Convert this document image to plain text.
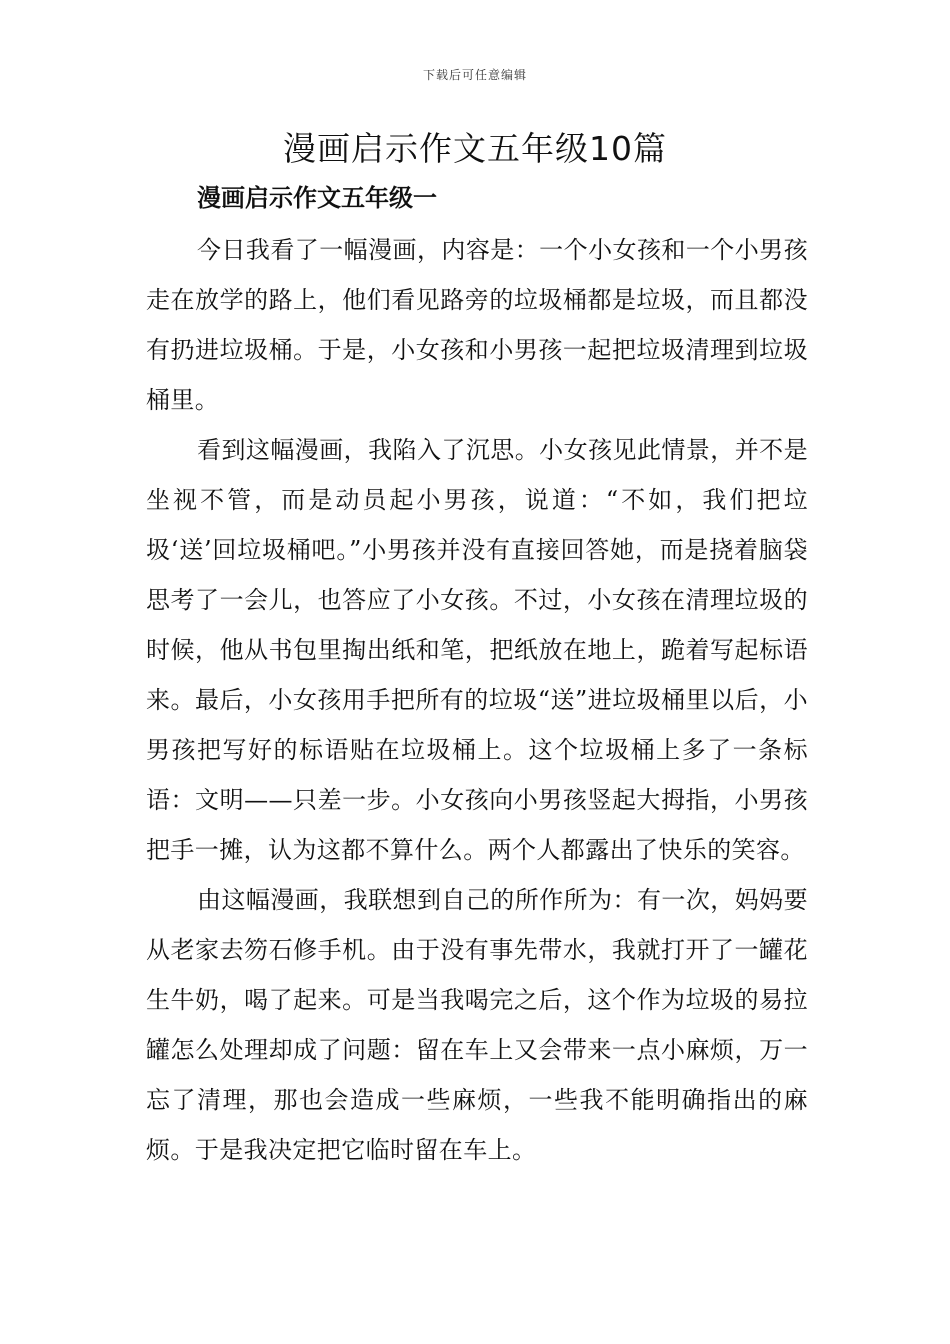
下载后可任意编辑
漫画启示作文五年级10篇
漫画启示作文五年级一

今日我看了一幅漫画，内容是：一个小女孩和一个小男孩走在放学的路上，他们看见路旁的垃圾桶都是垃圾，而且都没有扔进垃圾桶。于是，小女孩和小男孩一起把垃圾清理到垃圾桶里。

看到这幅漫画，我陷入了沉思。小女孩见此情景，并不是坐视不管，而是动员起小男孩，说道：“不如，我们把垃圾‘送’回垃圾桶吧。”小男孩并没有直接回答她，而是挠着脑袋思考了一会儿，也答应了小女孩。不过，小女孩在清理垃圾的时候，他从书包里掏出纸和笔，把纸放在地上，跪着写起标语来。最后，小女孩用手把所有的垃圾“送”进垃圾桶里以后，小男孩把写好的标语贴在垃圾桶上。这个垃圾桶上多了一条标语：文明——只差一步。小女孩向小男孩竖起大拇指，小男孩把手一摊，认为这都不算什么。两个人都露出了快乐的笑容。

由这幅漫画，我联想到自己的所作所为：有一次，妈妈要从老家去笏石修手机。由于没有事先带水，我就打开了一罐花生牛奶，喝了起来。可是当我喝完之后，这个作为垃圾的易拉罐怎么处理却成了问题：留在车上又会带来一点小麻烦，万一忘了清理，那也会造成一些麻烦，一些我不能明确指出的麻烦。于是我决定把它临时留在车上。
